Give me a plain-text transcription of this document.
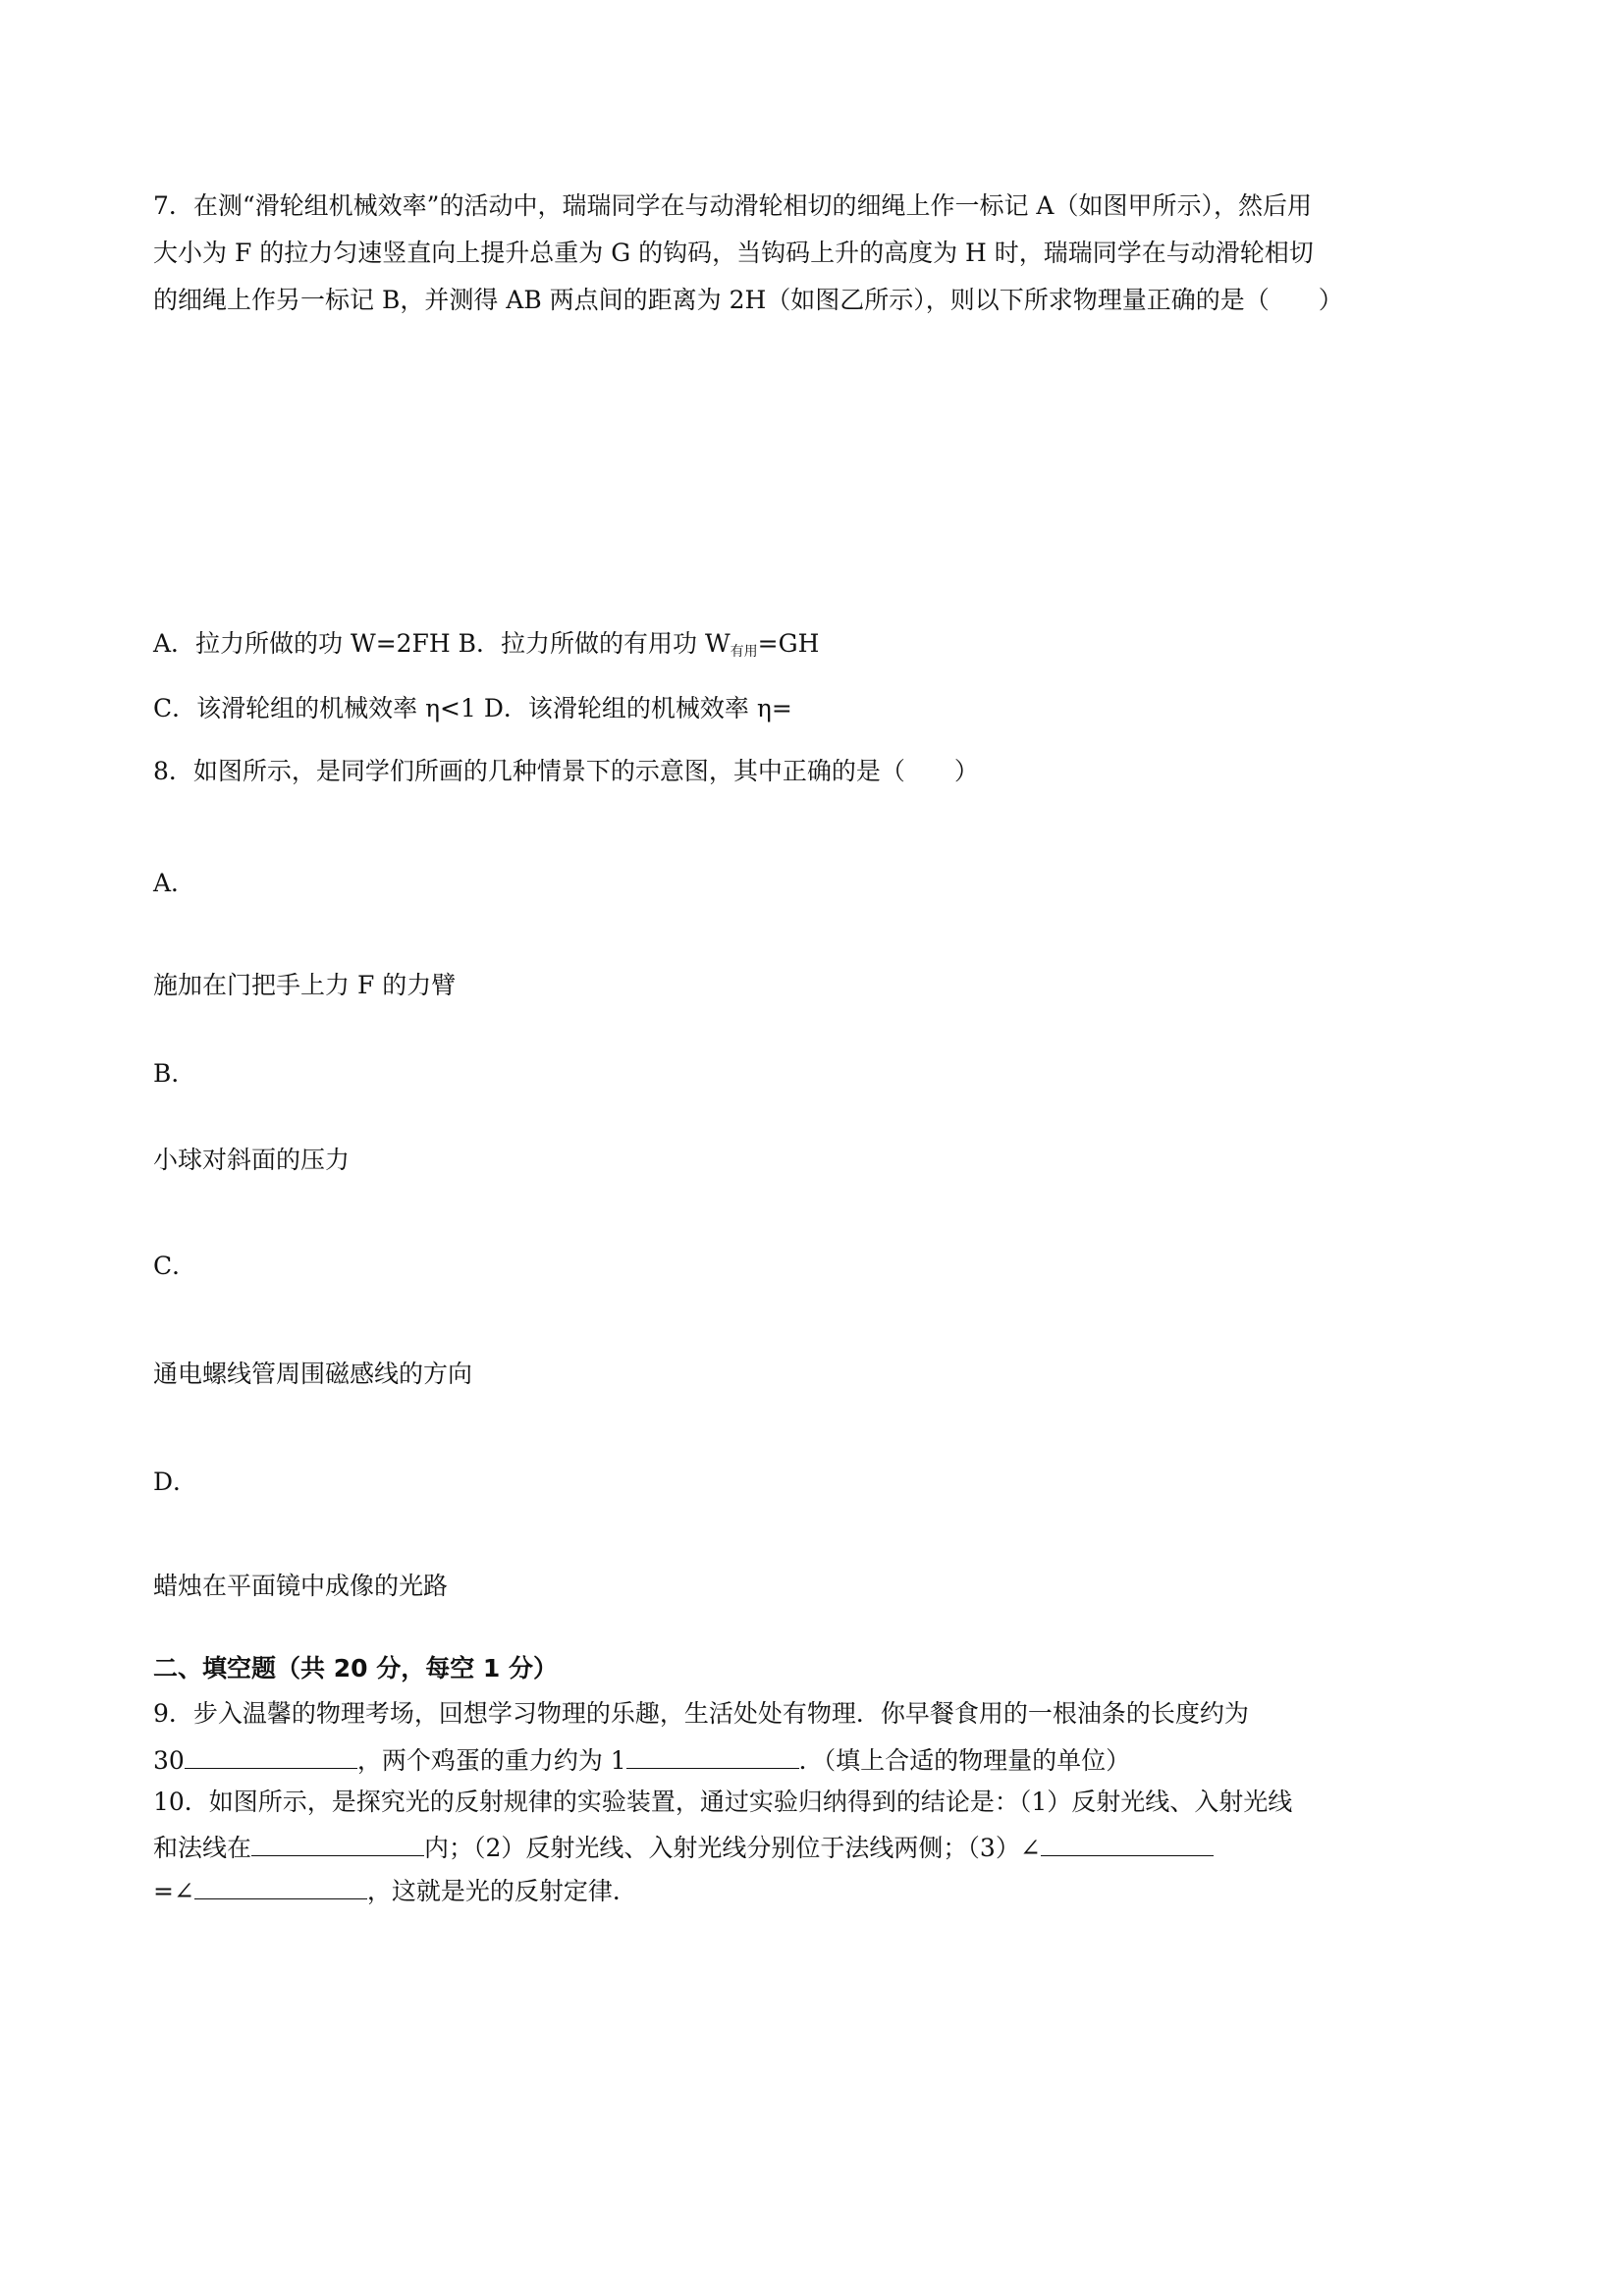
7．在测“滑轮组机械效率”的活动中，瑞瑞同学在与动滑轮相切的细绳上作一标记 A（如图甲所示），然后用
大小为 F 的拉力匀速竖直向上提升总重为 G 的钩码，当钩码上升的高度为 H 时，瑞瑞同学在与动滑轮相切
的细绳上作另一标记 B，并测得 AB 两点间的距离为 2H（如图乙所示），则以下所求物理量正确的是（　　）
A．拉力所做的功 W=2FH B．拉力所做的有用功 $W_{有用}=GH$
C．该滑轮组的机械效率 η<1 D．该滑轮组的机械效率 η=
8．如图所示，是同学们所画的几种情景下的示意图，其中正确的是（　　）
A．
施加在门把手上力 F 的力臂
B．
小球对斜面的压力
C．
通电螺线管周围磁感线的方向
D．
蜡烛在平面镜中成像的光路
二、填空题（共 20 分，每空 1 分）
9．步入温馨的物理考场，回想学习物理的乐趣，生活处处有物理．你早餐食用的一根油条的长度约为
30	，两个鸡蛋的重力约为 1	．（填上合适的物理量的单位）
10．如图所示，是探究光的反射规律的实验装置，通过实验归纳得到的结论是：（1）反射光线、入射光线
和法线在	内；（2）反射光线、入射光线分别位于法线两侧；（3）∠
=∠	，这就是光的反射定律．
